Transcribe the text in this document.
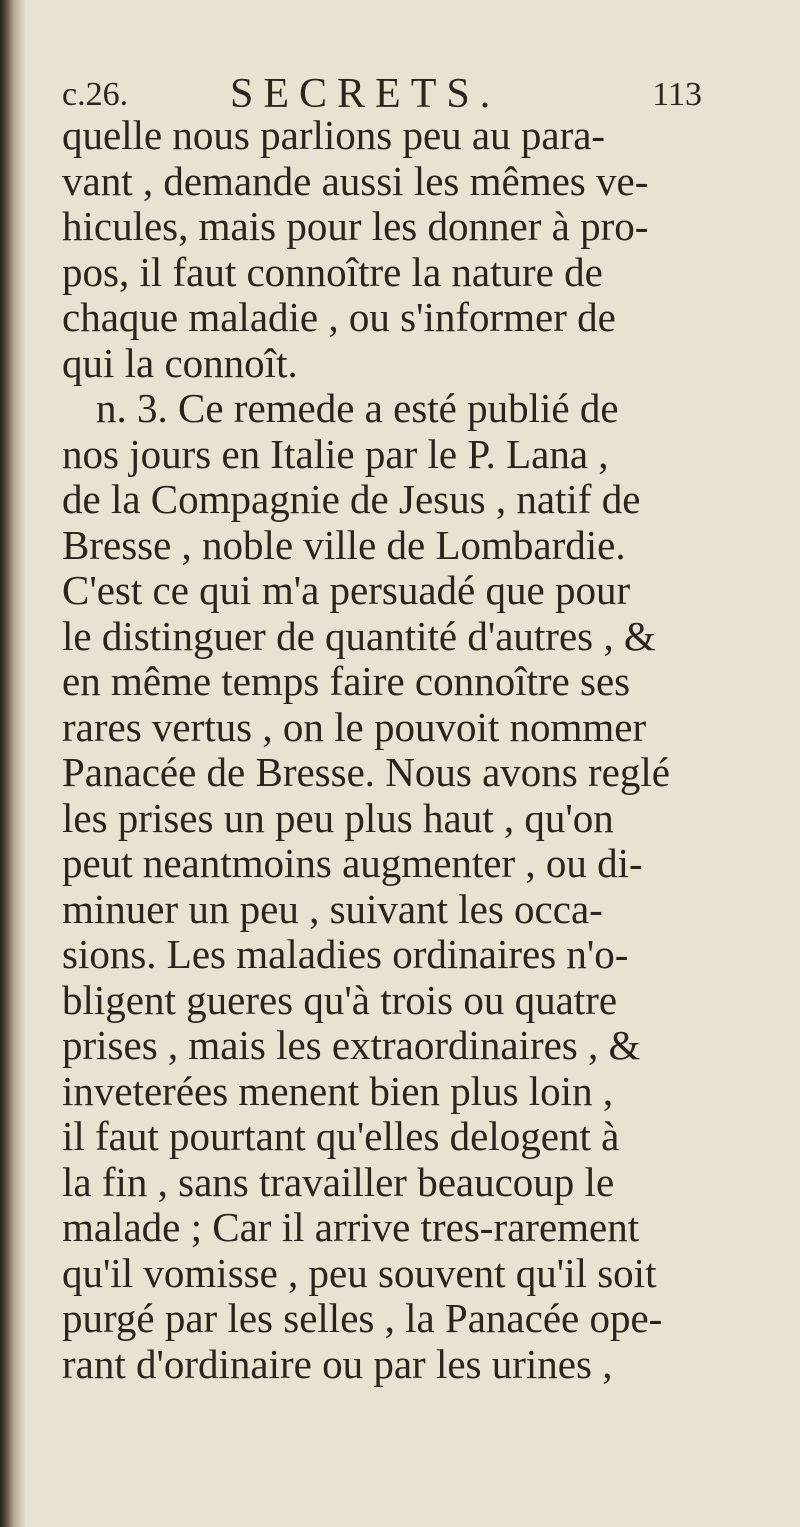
c.26. SECRETS.	113
quelle nous parlions peu au para-
vant , demande aussi les mêmes ve-
hicules, mais pour les donner à pro-
pos, il faut connoître la nature de
chaque maladie , ou s'informer de
qui la connoît.
n. 3. Ce remede a esté publié de
nos jours en Italie par le P. Lana ,
de la Compagnie de Jesus , natif de
Bresse , noble ville de Lombardie.
C'est ce qui m'a persuadé que pour
le distinguer de quantité d'autres , &
en même temps faire connoître ses
rares vertus , on le pouvoit nommer
Panacée de Bresse. Nous avons reglé
les prises un peu plus haut , qu'on
peut neantmoins augmenter , ou di-
minuer un peu , suivant les occa-
sions. Les maladies ordinaires n'o-
bligent gueres qu'à trois ou quatre
prises , mais les extraordinaires , &
inveterées menent bien plus loin ,
il faut pourtant qu'elles delogent à
la fin , sans travailler beaucoup le
malade ; Car il arrive tres-rarement
qu'il vomisse , peu souvent qu'il soit
purgé par les selles , la Panacée ope-
rant d'ordinaire ou par les urines ,
